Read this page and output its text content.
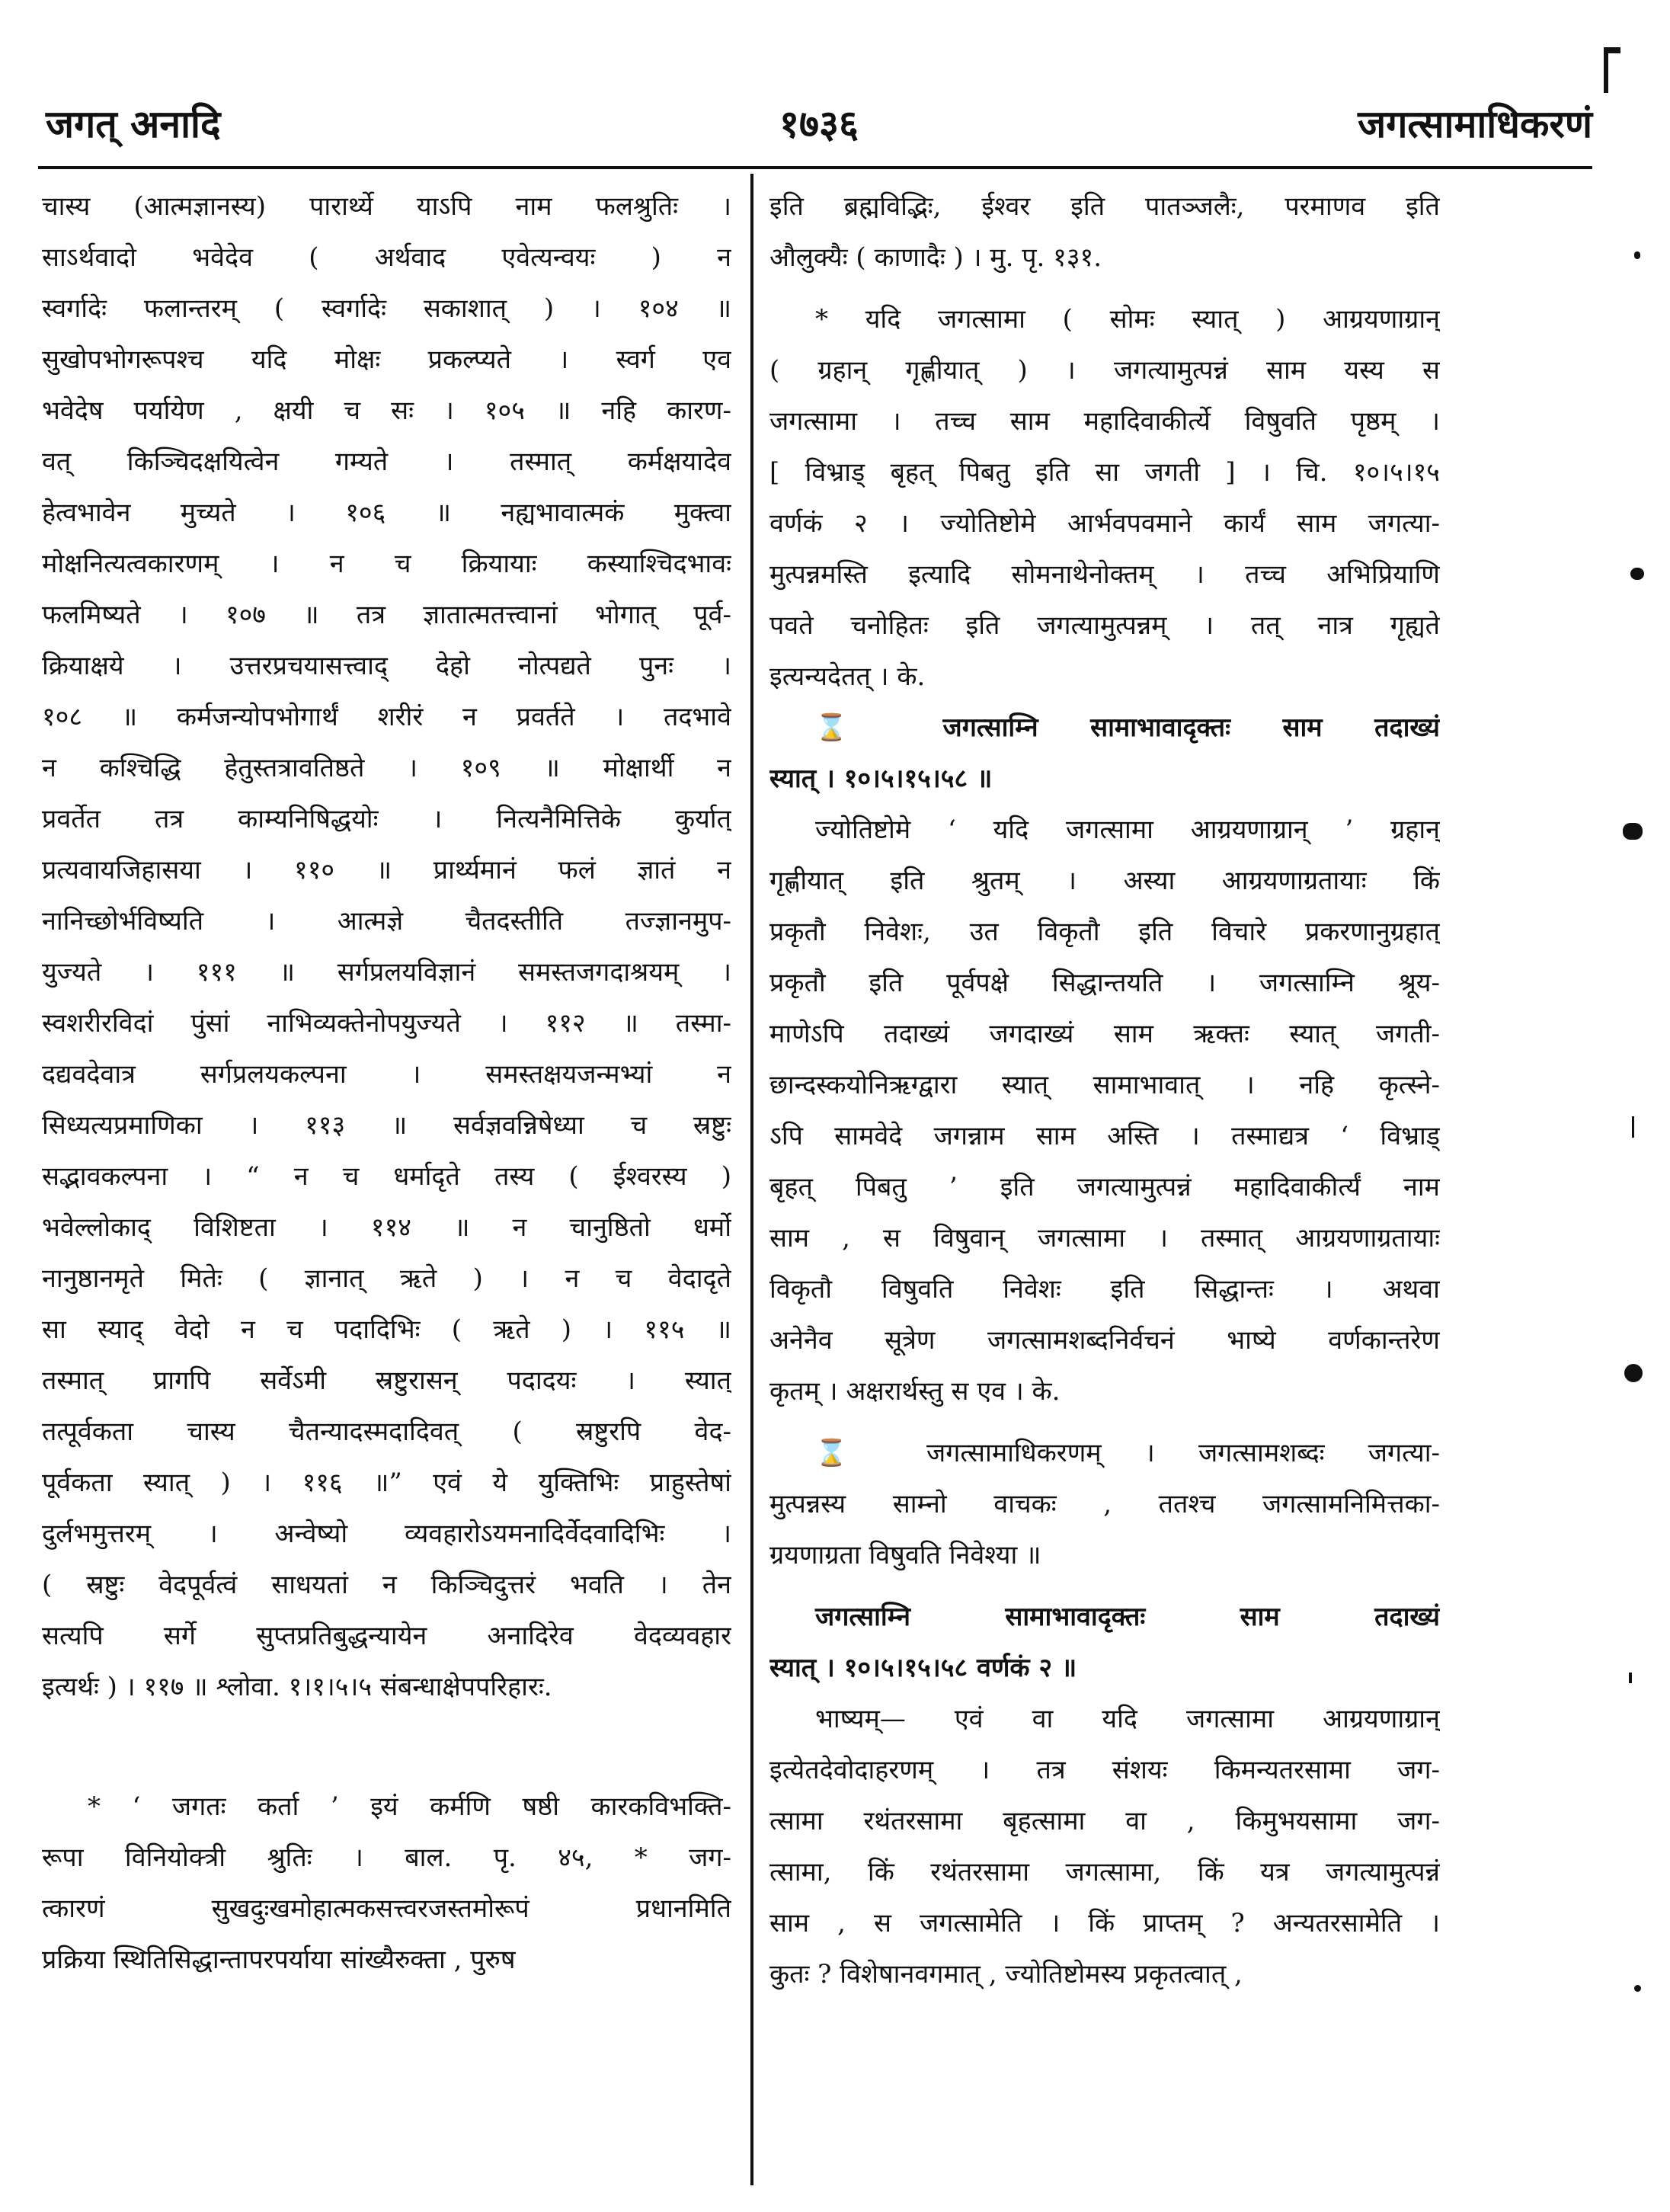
१७३६
जगत् अनादि	जगत्सामाधिकरणं
चास्य (आत्मज्ञानस्य) पारार्थ्ये याऽपि नाम फलश्रुतिः ।
साऽर्थवादो भवेदेव ( अर्थवाद एवेत्यन्वयः ) न
स्वर्गादेः फलान्तरम् ( स्वर्गादेः सकाशात् ) । १०४ ॥
सुखोपभोगरूपश्च यदि मोक्षः प्रकल्प्यते । स्वर्ग एव
भवेदेष पर्यायेण , क्षयी च सः । १०५ ॥ नहि कारण-
वत् किञ्चिदक्षयित्वेन गम्यते । तस्मात् कर्मक्षयादेव
हेत्वभावेन मुच्यते । १०६ ॥ नह्यभावात्मकं मुक्त्वा
मोक्षनित्यत्वकारणम् । न च क्रियायाः कस्याश्चिदभावः
फलमिष्यते । १०७ ॥ तत्र ज्ञातात्मतत्त्वानां भोगात् पूर्व-
क्रियाक्षये । उत्तरप्रचयासत्त्वाद् देहो नोत्पद्यते पुनः ।
१०८ ॥ कर्मजन्योपभोगार्थं शरीरं न प्रवर्तते । तदभावे
न कश्चिद्धि हेतुस्तत्रावतिष्ठते । १०९ ॥ मोक्षार्थी न
प्रवर्तेत तत्र काम्यनिषिद्धयोः । नित्यनैमित्तिके कुर्यात्
प्रत्यवायजिहासया । ११० ॥ प्रार्थ्यमानं फलं ज्ञातं न
नानिच्छोर्भविष्यति । आत्मज्ञे चैतदस्तीति तज्ज्ञानमुप-
युज्यते । १११ ॥ सर्गप्रलयविज्ञानं समस्तजगदाश्रयम् ।
स्वशरीरविदां पुंसां नाभिव्यक्तेनोपयुज्यते । ११२ ॥ तस्मा-
दद्यवदेवात्र सर्गप्रलयकल्पना । समस्तक्षयजन्मभ्यां न
सिध्यत्यप्रमाणिका । ११३ ॥ सर्वज्ञवन्निषेध्या च स्रष्टुः
सद्भावकल्पना । “ न च धर्मादृते तस्य ( ईश्वरस्य )
भवेल्लोकाद् विशिष्टता । ११४ ॥ न चानुष्ठितो धर्मो
नानुष्ठानमृते मितेः ( ज्ञानात् ऋते ) । न च वेदादृते
सा स्याद् वेदो न च पदादिभिः ( ऋते ) । ११५ ॥
तस्मात् प्रागपि सर्वेऽमी स्रष्टुरासन् पदादयः । स्यात्
तत्पूर्वकता चास्य चैतन्यादस्मदादिवत् ( स्रष्टुरपि वेद-
पूर्वकता स्यात् ) । ११६ ॥” एवं ये युक्तिभिः प्राहुस्तेषां
दुर्लभमुत्तरम् । अन्वेष्यो व्यवहारोऽयमनादिर्वेदवादिभिः ।
( स्रष्टुः वेदपूर्वत्वं साधयतां न किञ्चिदुत्तरं भवति । तेन
सत्यपि सर्गे सुप्तप्रतिबुद्धन्यायेन अनादिरेव वेदव्यवहार
इत्यर्थः ) । ११७ ॥ श्लोवा. १।१।५।५ संबन्धाक्षेपपरिहारः.
* ‘ जगतः कर्ता ’ इयं कर्मणि षष्ठी कारकविभक्ति-
रूपा विनियोक्त्री श्रुतिः । बाल. पृ. ४५, * जग-
त्कारणं सुखदुःखमोहात्मकसत्त्वरजस्तमोरूपं प्रधानमिति
प्रक्रिया स्थितिसिद्धान्तापरपर्याया सांख्यैरुक्ता , पुरुष
इति ब्रह्मविद्भिः, ईश्वर इति पातञ्जलैः, परमाणव इति
औलुक्यैः ( काणादैः ) । मु. पृ. १३१.
* यदि जगत्सामा ( सोमः स्यात् ) आग्रयणाग्रान्
( ग्रहान् गृह्णीयात् ) । जगत्यामुत्पन्नं साम यस्य स
जगत्सामा । तच्च साम महादिवाकीर्त्ये विषुवति पृष्ठम् ।
[ विभ्राड् बृहत् पिबतु इति सा जगती ] । चि. १०।५।१५
वर्णकं २ । ज्योतिष्टोमे आर्भवपवमाने कार्यं साम जगत्या-
मुत्पन्नमस्ति इत्यादि सोमनाथेनोक्तम् । तच्च अभिप्रियाणि
पवते चनोहितः इति जगत्यामुत्पन्नम् । तत् नात्र गृह्यते
इत्यन्यदेतत् । के.
⌛ जगत्साम्नि सामाभावादृक्तः साम तदाख्यं
स्यात् । १०।५।१५।५८ ॥
ज्योतिष्टोमे ‘ यदि जगत्सामा आग्रयणाग्रान् ’ ग्रहान्
गृह्णीयात् इति श्रुतम् । अस्या आग्रयणाग्रतायाः किं
प्रकृतौ निवेशः, उत विकृतौ इति विचारे प्रकरणानुग्रहात्
प्रकृतौ इति पूर्वपक्षे सिद्धान्तयति । जगत्साम्नि श्रूय-
माणेऽपि तदाख्यं जगदाख्यं साम ऋक्तः स्यात् जगती-
छान्दस्कयोनिऋग्द्वारा स्यात् सामाभावात् । नहि कृत्स्ने-
ऽपि सामवेदे जगन्नाम साम अस्ति । तस्माद्यत्र ‘ विभ्राड्
बृहत् पिबतु ’ इति जगत्यामुत्पन्नं महादिवाकीर्त्यं नाम
साम , स विषुवान् जगत्सामा । तस्मात् आग्रयणाग्रतायाः
विकृतौ विषुवति निवेशः इति सिद्धान्तः । अथवा
अनेनैव सूत्रेण जगत्सामशब्दनिर्वचनं भाष्ये वर्णकान्तरेण
कृतम् । अक्षरार्थस्तु स एव । के.
⌛ जगत्सामाधिकरणम् । जगत्सामशब्दः जगत्या-
मुत्पन्नस्य साम्नो वाचकः , ततश्च जगत्सामनिमित्तका-
ग्रयणाग्रता विषुवति निवेश्या ॥
जगत्साम्नि सामाभावादृक्तः साम तदाख्यं
स्यात् । १०।५।१५।५८ वर्णकं २ ॥
भाष्यम्— एवं वा यदि जगत्सामा आग्रयणाग्रान्
इत्येतदेवोदाहरणम् । तत्र संशयः किमन्यतरसामा जग-
त्सामा रथंतरसामा बृहत्सामा वा , किमुभयसामा जग-
त्सामा, किं रथंतरसामा जगत्सामा, किं यत्र जगत्यामुत्पन्नं
साम , स जगत्सामेति । किं प्राप्तम् ? अन्यतरसामेति ।
कुतः ? विशेषानवगमात् , ज्योतिष्टोमस्य प्रकृतत्वात् ,
